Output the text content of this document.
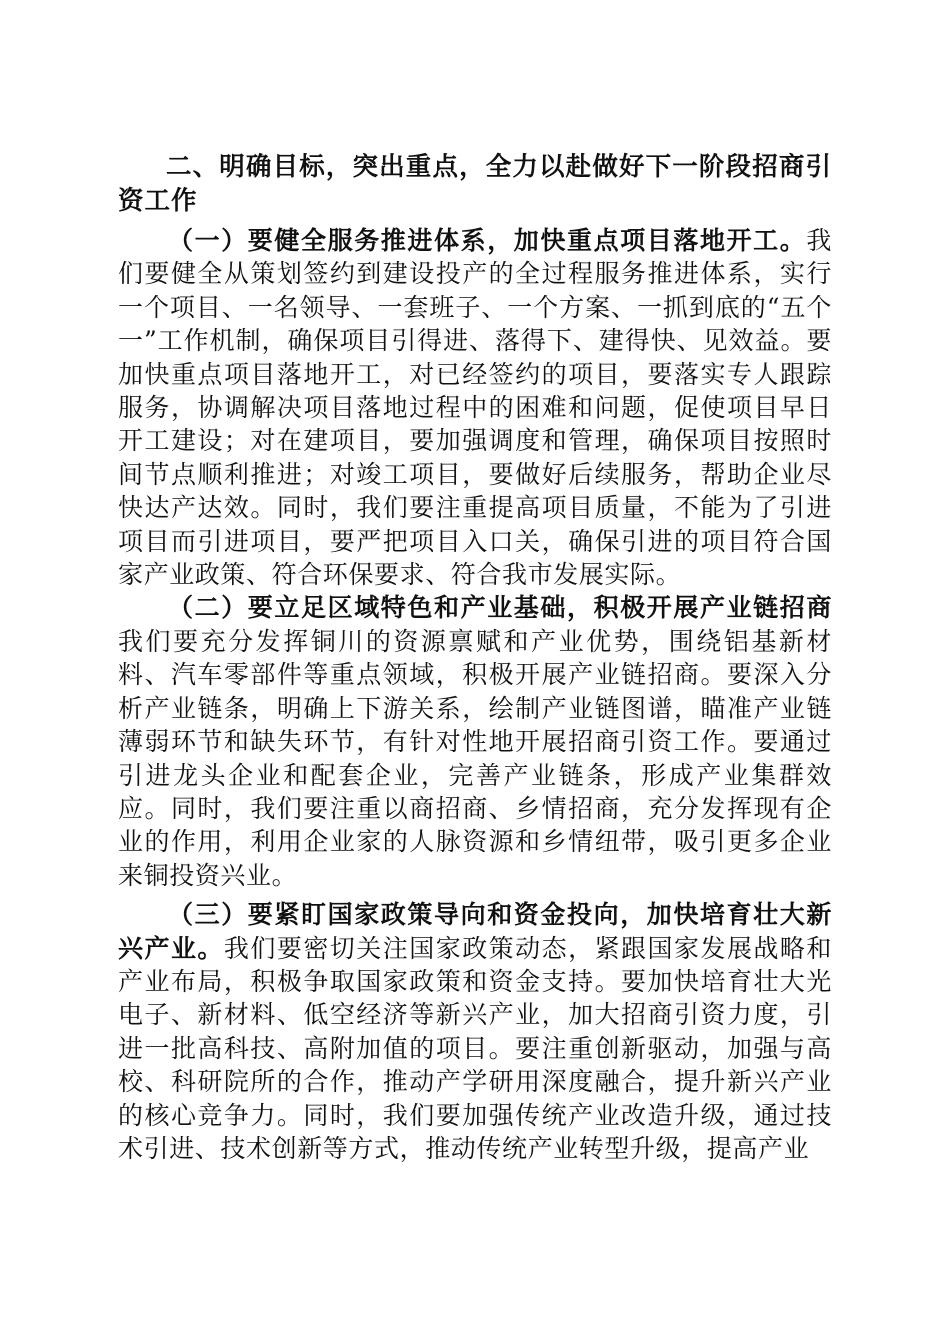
二、明确目标，突出重点，全力以赴做好下一阶段招商引资工作

（一）要健全服务推进体系，加快重点项目落地开工。我们要健全从策划签约到建设投产的全过程服务推进体系，实行一个项目、一名领导、一套班子、一个方案、一抓到底的“五个一”工作机制，确保项目引得进、落得下、建得快、见效益。要加快重点项目落地开工，对已经签约的项目，要落实专人跟踪服务，协调解决项目落地过程中的困难和问题，促使项目早日开工建设；对在建项目，要加强调度和管理，确保项目按照时间节点顺利推进；对竣工项目，要做好后续服务，帮助企业尽快达产达效。同时，我们要注重提高项目质量，不能为了引进项目而引进项目，要严把项目入口关，确保引进的项目符合国家产业政策、符合环保要求、符合我市发展实际。

（二）要立足区域特色和产业基础，积极开展产业链招商我们要充分发挥铜川的资源禀赋和产业优势，围绕铝基新材料、汽车零部件等重点领域，积极开展产业链招商。要深入分析产业链条，明确上下游关系，绘制产业链图谱，瞄准产业链薄弱环节和缺失环节，有针对性地开展招商引资工作。要通过引进龙头企业和配套企业，完善产业链条，形成产业集群效应。同时，我们要注重以商招商、乡情招商，充分发挥现有企业的作用，利用企业家的人脉资源和乡情纽带，吸引更多企业来铜投资兴业。

（三）要紧盯国家政策导向和资金投向，加快培育壮大新兴产业。我们要密切关注国家政策动态，紧跟国家发展战略和产业布局，积极争取国家政策和资金支持。要加快培育壮大光电子、新材料、低空经济等新兴产业，加大招商引资力度，引进一批高科技、高附加值的项目。要注重创新驱动，加强与高校、科研院所的合作，推动产学研用深度融合，提升新兴产业的核心竞争力。同时，我们要加强传统产业改造升级，通过技术引进、技术创新等方式，推动传统产业转型升级，提高产业
